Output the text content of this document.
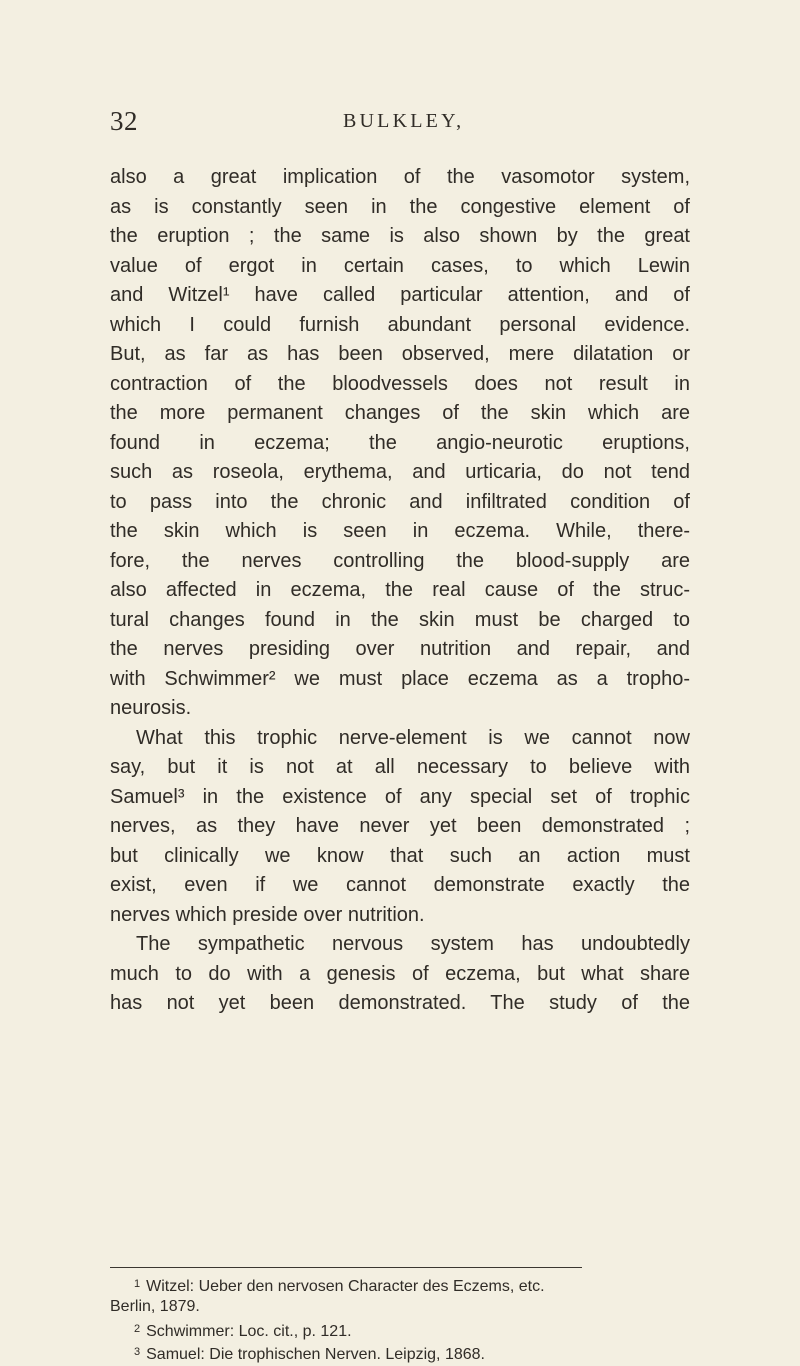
32	BULKLEY,
also a great implication of the vasomotor system,
as is constantly seen in the congestive element of
the eruption ; the same is also shown by the great
value of ergot in certain cases, to which Lewin
and Witzel¹ have called particular attention, and of
which I could furnish abundant personal evidence.
But, as far as has been observed, mere dilatation or
contraction of the bloodvessels does not result in
the more permanent changes of the skin which are
found in eczema; the angio-neurotic eruptions,
such as roseola, erythema, and urticaria, do not tend
to pass into the chronic and infiltrated condition of
the skin which is seen in eczema. While, there-
fore, the nerves controlling the blood-supply are
also affected in eczema, the real cause of the struc-
tural changes found in the skin must be charged to
the nerves presiding over nutrition and repair, and
with Schwimmer² we must place eczema as a tropho-
neurosis.
What this trophic nerve-element is we cannot now
say, but it is not at all necessary to believe with
Samuel³ in the existence of any special set of trophic
nerves, as they have never yet been demonstrated ;
but clinically we know that such an action must
exist, even if we cannot demonstrate exactly the
nerves which preside over nutrition.
The sympathetic nervous system has undoubtedly
much to do with a genesis of eczema, but what share
has not yet been demonstrated. The study of the
$^1$ Witzel: Ueber den nervosen Character des Eczems, etc.
Berlin, 1879.
$^2$ Schwimmer: Loc. cit., p. 121.
$^3$ Samuel: Die trophischen Nerven. Leipzig, 1868.
